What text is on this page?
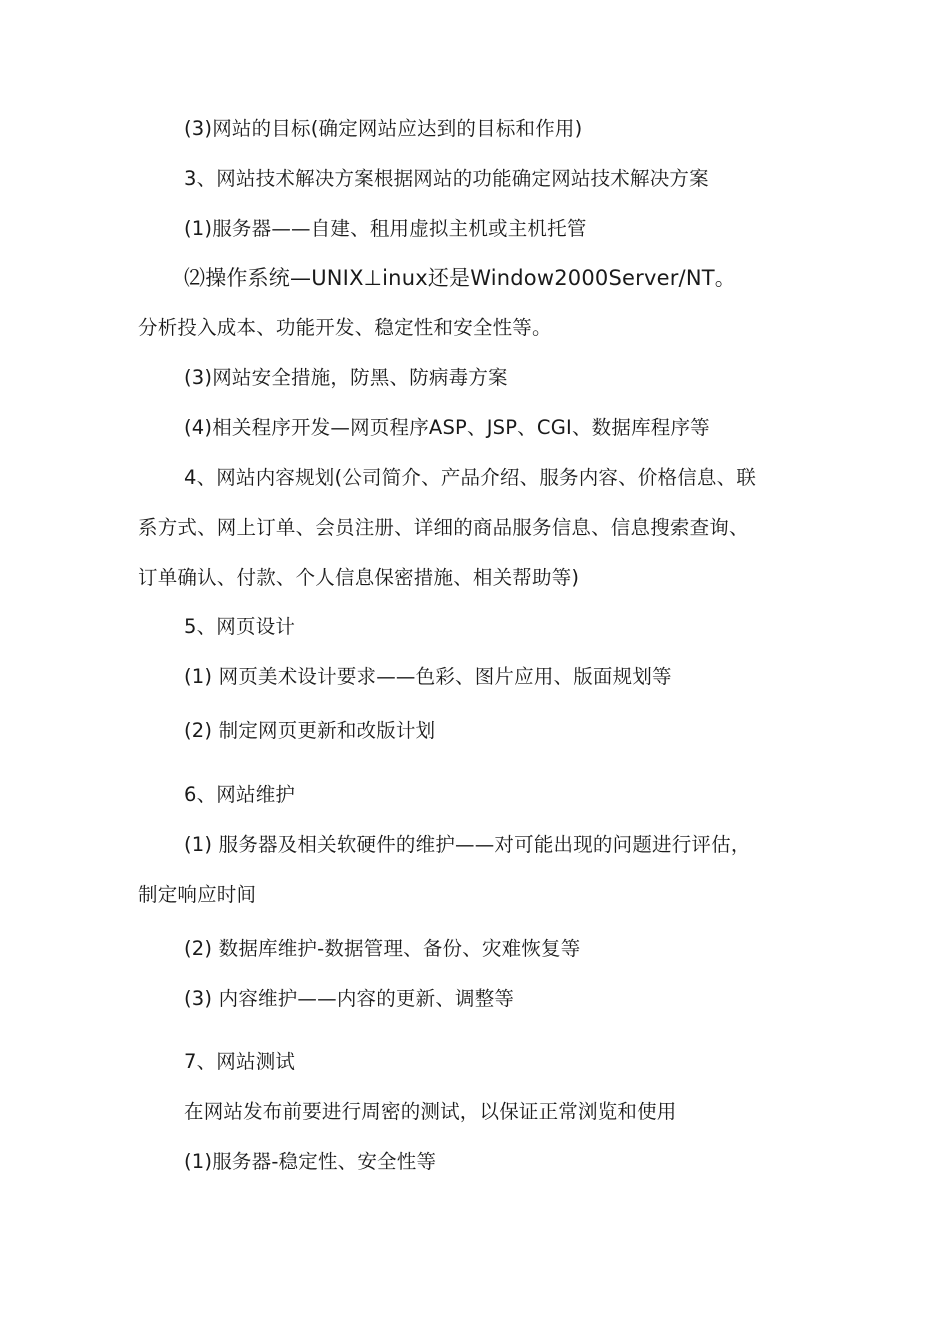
(3)网站的目标(确定网站应达到的目标和作用)
3、网站技术解决方案根据网站的功能确定网站技术解决方案
(1)服务器——自建、租用虚拟主机或主机托管
⑵操作系统—UNIX⊥inux还是Window2000Server/NT。
分析投入成本、功能开发、稳定性和安全性等。
(3)网站安全措施，防黑、防病毒方案
(4)相关程序开发—网页程序ASP、JSP、CGI、数据库程序等
4、网站内容规划(公司简介、产品介绍、服务内容、价格信息、联
系方式、网上订单、会员注册、详细的商品服务信息、信息搜索查询、
订单确认、付款、个人信息保密措施、相关帮助等)
5、网页设计
(1) 网页美术设计要求——色彩、图片应用、版面规划等
(2) 制定网页更新和改版计划
6、网站维护
(1) 服务器及相关软硬件的维护——对可能出现的问题进行评估，
制定响应时间
(2) 数据库维护-数据管理、备份、灾难恢复等
(3) 内容维护——内容的更新、调整等
7、网站测试
在网站发布前要进行周密的测试，以保证正常浏览和使用
(1)服务器-稳定性、安全性等
